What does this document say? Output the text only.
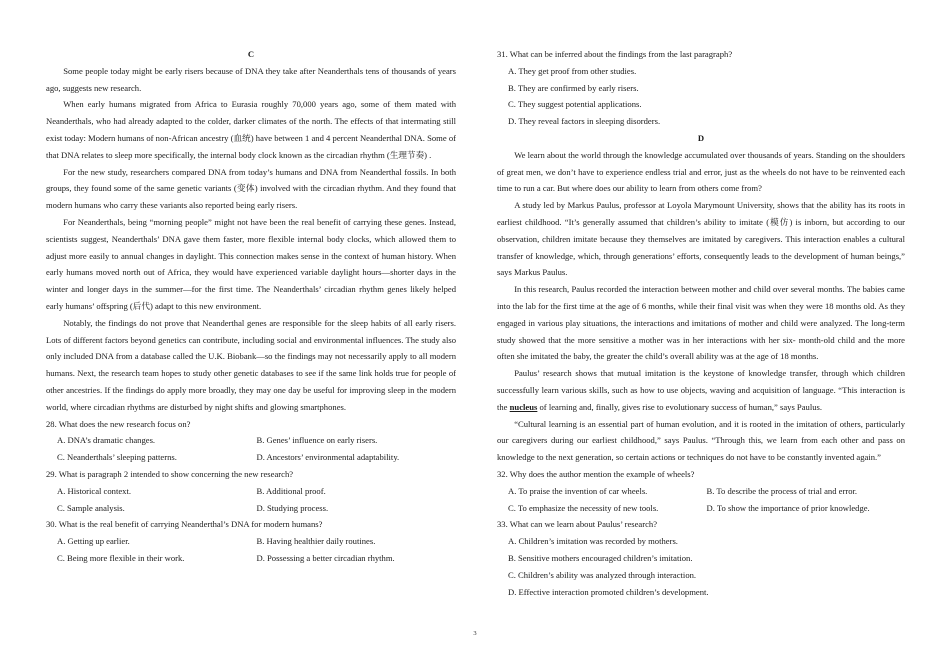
C

Some people today might be early risers because of DNA they take after Neanderthals tens of thousands of years ago, suggests new research.

When early humans migrated from Africa to Eurasia roughly 70,000 years ago, some of them mated with Neanderthals, who had already adapted to the colder, darker climates of the north. The effects of that intermating still exist today: Modern humans of non-African ancestry (血统) have between 1 and 4 percent Neanderthal DNA. Some of that DNA relates to sleep more specifically, the internal body clock known as the circadian rhythm (生理节奏) .

For the new study, researchers compared DNA from today’s humans and DNA from Neanderthal fossils. In both groups, they found some of the same genetic variants (变体) involved with the circadian rhythm. And they found that modern humans who carry these variants also reported being early risers.

For Neanderthals, being “morning people” might not have been the real benefit of carrying these genes. Instead, scientists suggest, Neanderthals’ DNA gave them faster, more flexible internal body clocks, which allowed them to adjust more easily to annual changes in daylight. This connection makes sense in the context of human history. When early humans moved north out of Africa, they would have experienced variable daylight hours—shorter days in the winter and longer days in the summer—for the first time. The Neanderthals’ circadian rhythm genes likely helped early humans’ offspring (后代) adapt to this new environment.

Notably, the findings do not prove that Neanderthal genes are responsible for the sleep habits of all early risers. Lots of different factors beyond genetics can contribute, including social and environmental influences. The study also only included DNA from a database called the U.K. Biobank—so the findings may not necessarily apply to all modern humans. Next, the research team hopes to study other genetic databases to see if the same link holds true for people of other ancestries. If the findings do apply more broadly, they may one day be useful for improving sleep in the modern world, where circadian rhythms are disturbed by night shifts and glowing smartphones.

28. What does the new research focus on?
A. DNA’s dramatic changes.	B. Genes’ influence on early risers.
C. Neanderthals’ sleeping patterns.	D. Ancestors’ environmental adaptability.
29. What is paragraph 2 intended to show concerning the new research?
A. Historical context.	B. Additional proof.
C. Sample analysis.	D. Studying process.
30. What is the real benefit of carrying Neanderthal’s DNA for modern humans?
A. Getting up earlier.	B. Having healthier daily routines.
C. Being more flexible in their work.	D. Possessing a better circadian rhythm.
31. What can be inferred about the findings from the last paragraph?
A. They get proof from other studies.
B. They are confirmed by early risers.
C. They suggest potential applications.
D. They reveal factors in sleeping disorders.
D

We learn about the world through the knowledge accumulated over thousands of years. Standing on the shoulders of great men, we don’t have to experience endless trial and error, just as the wheels do not have to be reinvented each time to run a car. But where does our ability to learn from others come from?

A study led by Markus Paulus, professor at Loyola Marymount University, shows that the ability has its roots in earliest childhood. “It’s generally assumed that children’s ability to imitate (模仿) is inborn, but according to our observation, children imitate because they themselves are imitated by caregivers. This interaction enables a cultural transfer of knowledge, which, through generations’ efforts, consequently leads to the development of human beings,” says Markus Paulus.

In this research, Paulus recorded the interaction between mother and child over several months. The babies came into the lab for the first time at the age of 6 months, while their final visit was when they were 18 months old. As they engaged in various play situations, the interactions and imitations of mother and child were analyzed. The long-term study showed that the more sensitive a mother was in her interactions with her six- month-old child and the more often she imitated the baby, the greater the child’s overall ability was at the age of 18 months.

Paulus’ research shows that mutual imitation is the keystone of knowledge transfer, through which children successfully learn various skills, such as how to use objects, waving and acquisition of language. “This interaction is the nucleus of learning and, finally, gives rise to evolutionary success of human,” says Paulus.

“Cultural learning is an essential part of human evolution, and it is rooted in the imitation of others, particularly our caregivers during our earliest childhood,” says Paulus. “Through this, we learn from each other and pass on knowledge to the next generation, so certain actions or techniques do not have to be constantly invented again.”

32. Why does the author mention the example of wheels?
A. To praise the invention of car wheels.	B. To describe the process of trial and error.
C. To emphasize the necessity of new tools.	D. To show the importance of prior knowledge.
33. What can we learn about Paulus’ research?
A. Children’s imitation was recorded by mothers.
B. Sensitive mothers encouraged children’s imitation.
C. Children’s ability was analyzed through interaction.
D. Effective interaction promoted children’s development.
3
